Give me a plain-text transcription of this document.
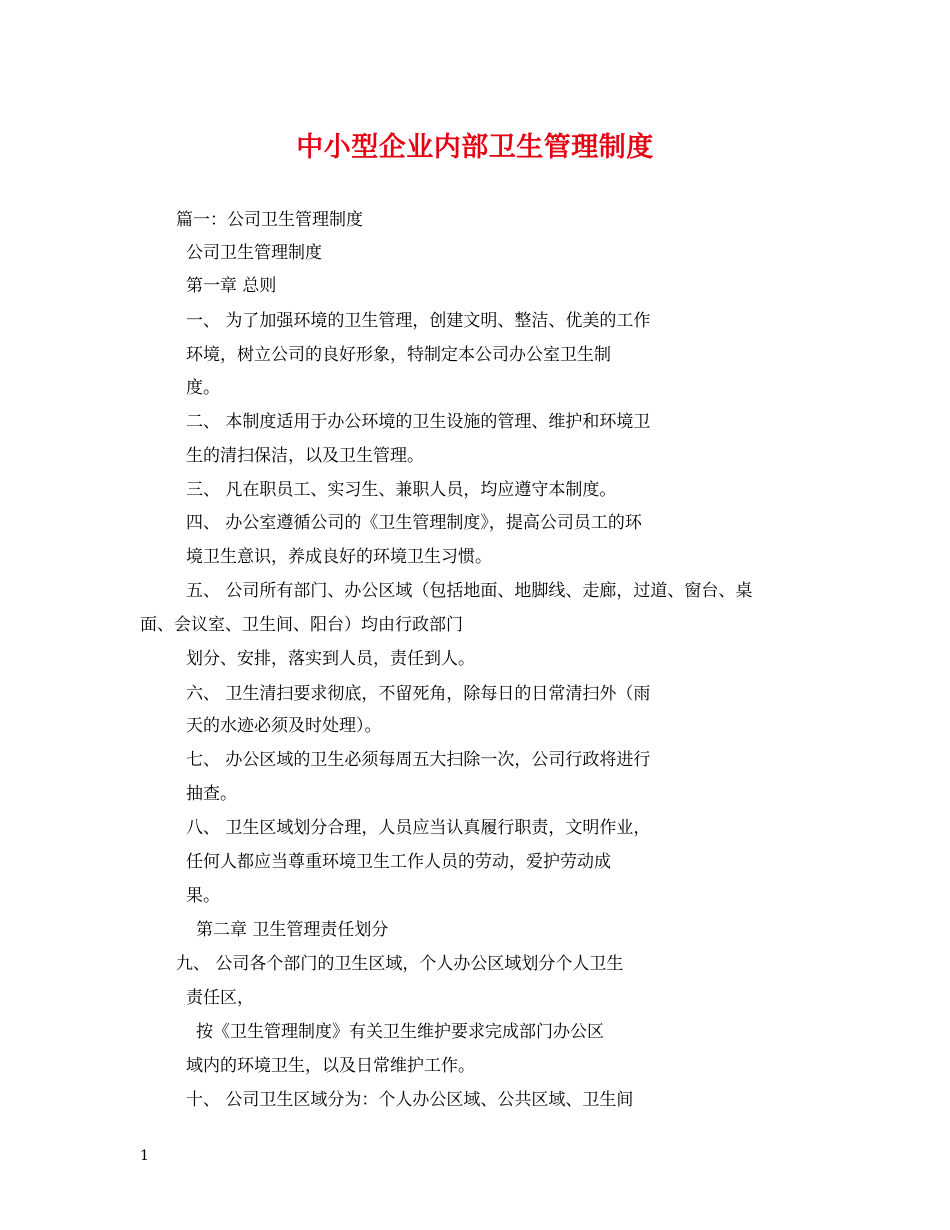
中小型企业内部卫生管理制度
篇一：公司卫生管理制度
公司卫生管理制度
第一章 总则
一、 为了加强环境的卫生管理，创建文明、整洁、优美的工作
环境，树立公司的良好形象，特制定本公司办公室卫生制
度。
二、 本制度适用于办公环境的卫生设施的管理、维护和环境卫
生的清扫保洁，以及卫生管理。
三、 凡在职员工、实习生、兼职人员，均应遵守本制度。
四、 办公室遵循公司的《卫生管理制度》，提高公司员工的环
境卫生意识，养成良好的环境卫生习惯。
五、 公司所有部门、办公区域（包括地面、地脚线、走廊，过道、窗台、桌
面、会议室、卫生间、阳台）均由行政部门
划分、安排，落实到人员，责任到人。
六、 卫生清扫要求彻底，不留死角，除每日的日常清扫外（雨
天的水迹必须及时处理）。
七、 办公区域的卫生必须每周五大扫除一次，公司行政将进行
抽查。
八、 卫生区域划分合理，人员应当认真履行职责，文明作业，
任何人都应当尊重环境卫生工作人员的劳动，爱护劳动成
果。
第二章 卫生管理责任划分
九、 公司各个部门的卫生区域，个人办公区域划分个人卫生
责任区，
按《卫生管理制度》有关卫生维护要求完成部门办公区
域内的环境卫生，以及日常维护工作。
十、 公司卫生区域分为：个人办公区域、公共区域、卫生间
1
